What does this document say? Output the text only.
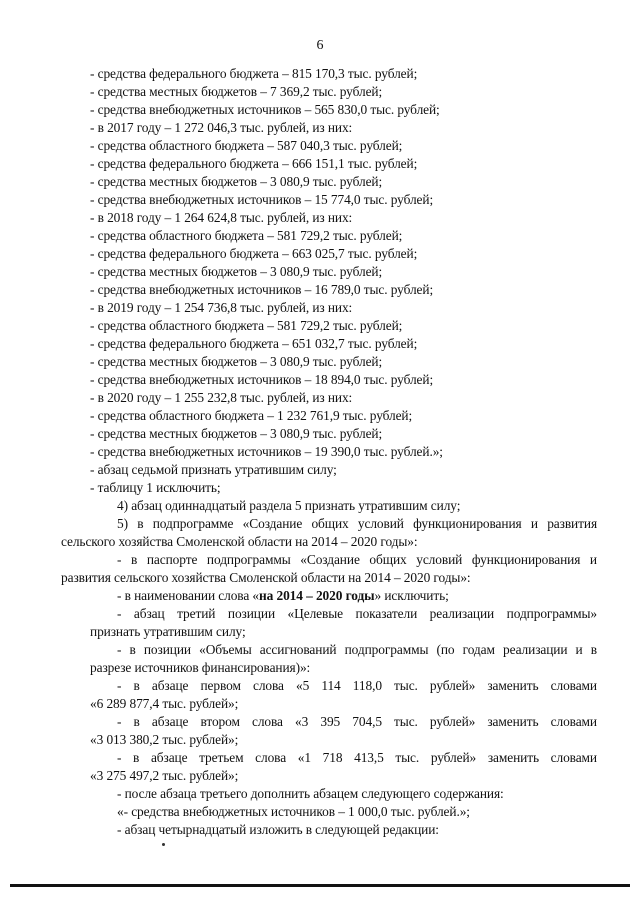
6
- средства федерального бюджета – 815 170,3 тыс. рублей;
- средства местных бюджетов – 7 369,2 тыс. рублей;
- средства внебюджетных источников – 565 830,0 тыс. рублей;
- в 2017 году – 1 272 046,3 тыс. рублей, из них:
- средства областного бюджета – 587 040,3 тыс. рублей;
- средства федерального бюджета – 666 151,1 тыс. рублей;
- средства местных бюджетов – 3 080,9 тыс. рублей;
- средства внебюджетных источников – 15 774,0 тыс. рублей;
- в 2018 году – 1 264 624,8 тыс. рублей, из них:
- средства областного бюджета – 581 729,2 тыс. рублей;
- средства федерального бюджета – 663 025,7 тыс. рублей;
- средства местных бюджетов – 3 080,9 тыс. рублей;
- средства внебюджетных источников – 16 789,0 тыс. рублей;
- в 2019 году – 1 254 736,8 тыс. рублей, из них:
- средства областного бюджета – 581 729,2 тыс. рублей;
- средства федерального бюджета – 651 032,7 тыс. рублей;
- средства местных бюджетов – 3 080,9 тыс. рублей;
- средства внебюджетных источников – 18 894,0 тыс. рублей;
- в 2020 году – 1 255 232,8 тыс. рублей, из них:
- средства областного бюджета – 1 232 761,9 тыс. рублей;
- средства местных бюджетов – 3 080,9 тыс. рублей;
- средства внебюджетных источников – 19 390,0 тыс. рублей.»;
- абзац седьмой признать утратившим силу;
- таблицу 1 исключить;
4) абзац одиннадцатый раздела 5 признать утратившим силу;
5) в подпрограмме «Создание общих условий функционирования и развития
сельского хозяйства Смоленской области на 2014 – 2020 годы»:
- в паспорте подпрограммы «Создание общих условий функционирования и
развития сельского хозяйства Смоленской области на 2014 – 2020 годы»:
- в наименовании слова «на 2014 – 2020 годы» исключить;
- абзац третий позиции «Целевые показатели реализации подпрограммы»
признать утратившим силу;
- в позиции «Объемы ассигнований подпрограммы (по годам реализации и в
разрезе источников финансирования)»:
- в абзаце первом слова «5 114 118,0 тыс. рублей» заменить словами
«6 289 877,4 тыс. рублей»;
- в абзаце втором слова «3 395 704,5 тыс. рублей» заменить словами
«3 013 380,2 тыс. рублей»;
- в абзаце третьем слова «1 718 413,5 тыс. рублей» заменить словами
«3 275 497,2 тыс. рублей»;
- после абзаца третьего дополнить абзацем следующего содержания:
«- средства внебюджетных источников – 1 000,0 тыс. рублей.»;
- абзац четырнадцатый изложить в следующей редакции:
